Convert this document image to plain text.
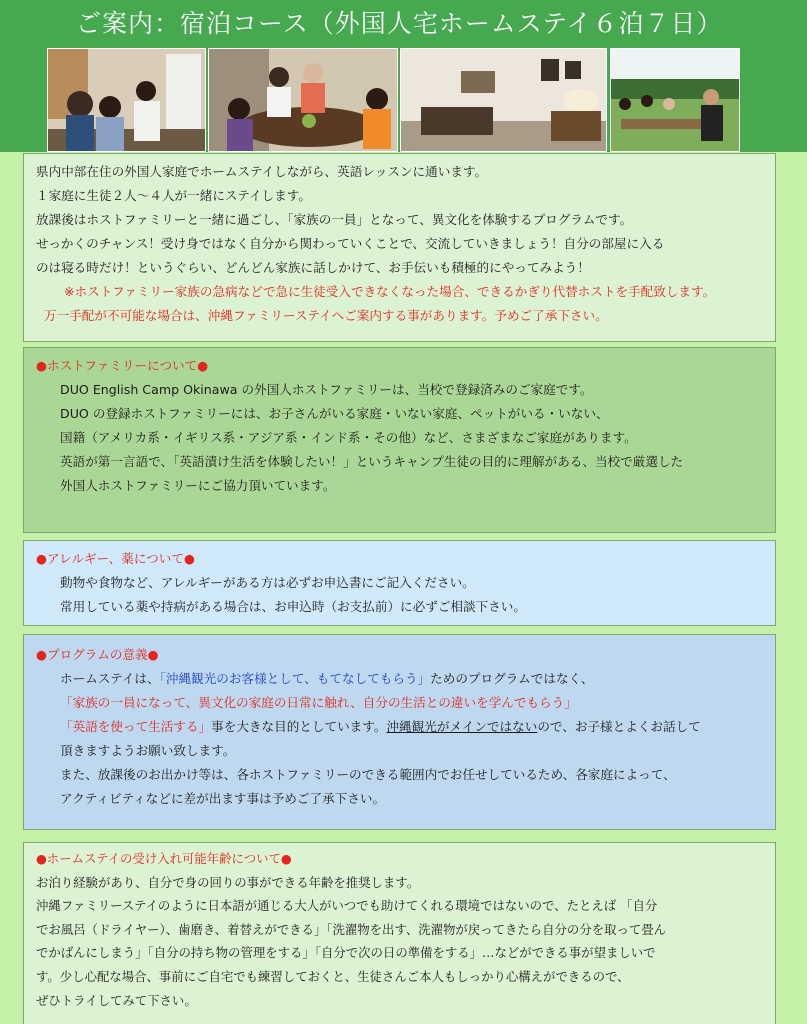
ご案内：宿泊コース（外国人宅ホームステイ６泊７日）

県内中部在住の外国人家庭でホームステイしながら、英語レッスンに通います。

１家庭に生徒２人～４人が一緒にステイします。

放課後はホストファミリーと一緒に過ごし、「家族の一員」となって、異文化を体験するプログラムです。

せっかくのチャンス！受け身ではなく自分から関わっていくことで、交流していきましょう！自分の部屋に入る

のは寝る時だけ！というぐらい、どんどん家族に話しかけて、お手伝いも積極的にやってみよう！

※ホストファミリー家族の急病などで急に生徒受入できなくなった場合、できるかぎり代替ホストを手配致します。

万一手配が不可能な場合は、沖縄ファミリーステイへご案内する事があります。予めご了承下さい。

●ホストファミリーについて●

DUO English Camp Okinawa の外国人ホストファミリーは、当校で登録済みのご家庭です。

DUO の登録ホストファミリーには、お子さんがいる家庭・いない家庭、ペットがいる・いない、

国籍（アメリカ系・イギリス系・アジア系・インド系・その他）など、さまざまなご家庭があります。

英語が第一言語で、「英語漬け生活を体験したい！」というキャンプ生徒の目的に理解がある、当校で厳選した

外国人ホストファミリーにご協力頂いています。

●アレルギー、薬について●

動物や食物など、アレルギーがある方は必ずお申込書にご記入ください。

常用している薬や持病がある場合は、お申込時（お支払前）に必ずご相談下さい。

●プログラムの意義●

ホームステイは、「沖縄観光のお客様として、もてなしてもらう」ためのプログラムではなく、

「家族の一員になって、異文化の家庭の日常に触れ、自分の生活との違いを学んでもらう」

「英語を使って生活する」事を大きな目的としています。沖縄観光がメインではないので、お子様とよくお話して

頂きますようお願い致します。

また、放課後のお出かけ等は、各ホストファミリーのできる範囲内でお任せしているため、各家庭によって、

アクティビティなどに差が出ます事は予めご了承下さい。

●ホームステイの受け入れ可能年齢について●

お泊り経験があり、自分で身の回りの事ができる年齢を推奨します。

沖縄ファミリーステイのように日本語が通じる大人がいつでも助けてくれる環境ではないので、たとえば 「自分

でお風呂（ドライヤー）、歯磨き、着替えができる」「洗濯物を出す、洗濯物が戻ってきたら自分の分を取って畳ん

でかばんにしまう」「自分の持ち物の管理をする」「自分で次の日の準備をする」…などができる事が望ましいで

す。少し心配な場合、事前にご自宅でも練習しておくと、生徒さんご本人もしっかり心構えができるので、

ぜひトライしてみて下さい。
